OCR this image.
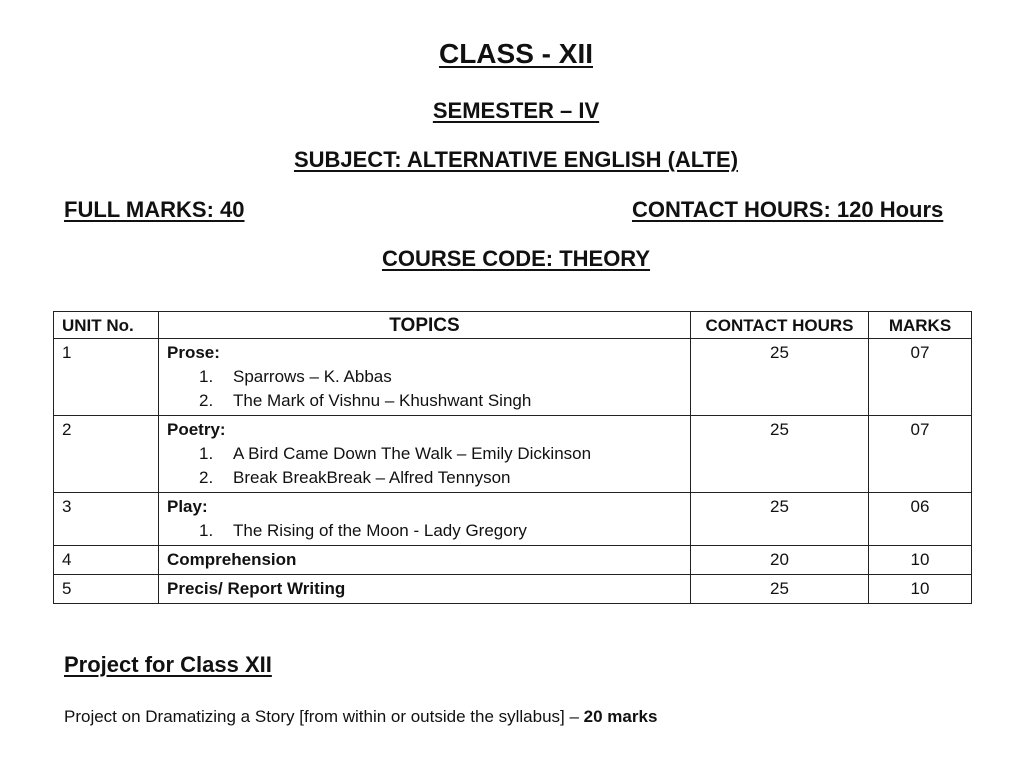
CLASS - XII
SEMESTER – IV
SUBJECT: ALTERNATIVE ENGLISH (ALTE)
FULL MARKS: 40	CONTACT HOURS: 120 Hours
COURSE CODE: THEORY
UNIT No.	TOPICS	CONTACT HOURS	MARKS
1	Prose:
1. Sparrows – K. Abbas
2. The Mark of Vishnu – Khushwant Singh	25	07
2	Poetry:
1. A Bird Came Down The Walk – Emily Dickinson
2. Break BreakBreak – Alfred Tennyson	25	07
3	Play:
1. The Rising of the Moon - Lady Gregory	25	06
4	Comprehension	20	10
5	Precis/ Report Writing	25	10
Project for Class XII
Project on Dramatizing a Story [from within or outside the syllabus] – 20 marks
